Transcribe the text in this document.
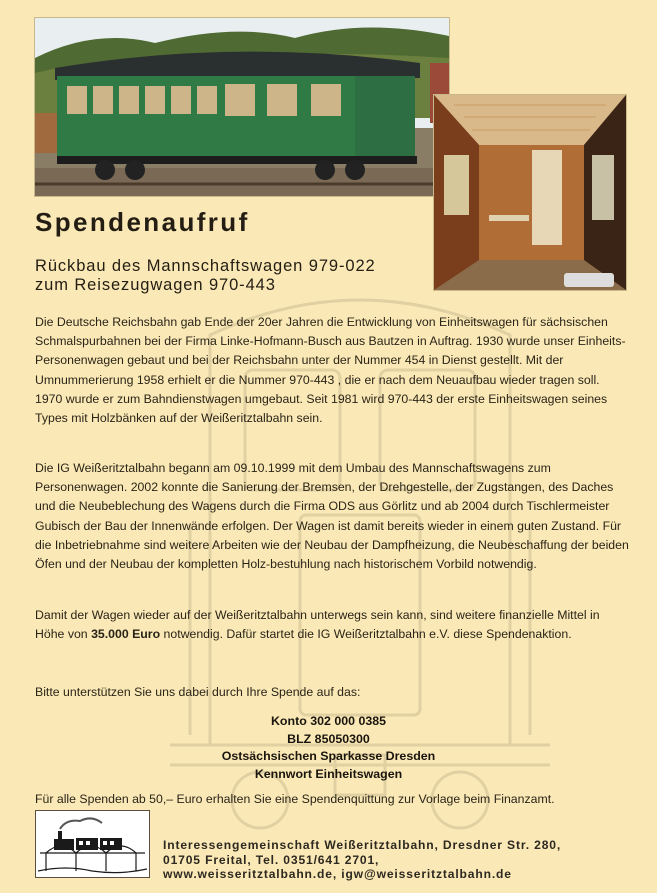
Spendenaufruf
Rückbau des Mannschaftswagen 979-022
zum Reisezugwagen 970-443

Die Deutsche Reichsbahn gab Ende der 20er Jahren die Entwicklung von Einheitswagen für sächsischen Schmalspurbahnen bei der Firma Linke-Hofmann-Busch aus Bautzen in Auftrag. 1930 wurde unser Einheits-Personenwagen gebaut und bei der Reichsbahn unter der Nummer 454 in Dienst gestellt. Mit der Umnummerierung 1958 erhielt er die Nummer 970-443 , die er nach dem Neuaufbau wieder tragen soll. 1970 wurde er zum Bahndienstwagen umgebaut. Seit 1981 wird 970-443 der erste Einheitswagen seines Types mit Holzbänken auf der Weißeritztalbahn sein.

Die IG Weißeritztalbahn begann am 09.10.1999 mit dem Umbau des Mannschaftswagens zum Personenwagen. 2002 konnte die Sanierung der Bremsen, der Drehgestelle, der Zugstangen, des Daches und die Neubeblechung des Wagens durch die Firma ODS aus Görlitz und ab 2004 durch Tischlermeister Gubisch der Bau der Innenwände erfolgen. Der Wagen ist damit bereits wieder in einem guten Zustand. Für die Inbetriebnahme sind weitere Arbeiten wie der Neubau der Dampfheizung, die Neubeschaffung der beiden Öfen und der Neubau der kompletten Holz-bestuhlung nach historischem Vorbild notwendig.

Damit der Wagen wieder auf der Weißeritztalbahn unterwegs sein kann, sind weitere finanzielle Mittel in Höhe von 35.000 Euro notwendig. Dafür startet die IG Weißeritztalbahn e.V. diese Spendenaktion.

Bitte unterstützen Sie uns dabei durch Ihre Spende auf das:

Konto 302 000 0385
BLZ 85050300
Ostsächsischen Sparkasse Dresden
Kennwort Einheitswagen

Für alle Spenden ab 50,– Euro erhalten Sie eine Spendenquittung zur Vorlage beim Finanzamt.

Interessengemeinschaft Weißeritztalbahn, Dresdner Str. 280,
01705 Freital, Tel. 0351/641 2701,
www.weisseritztalbahn.de, igw@weisseritztalbahn.de
